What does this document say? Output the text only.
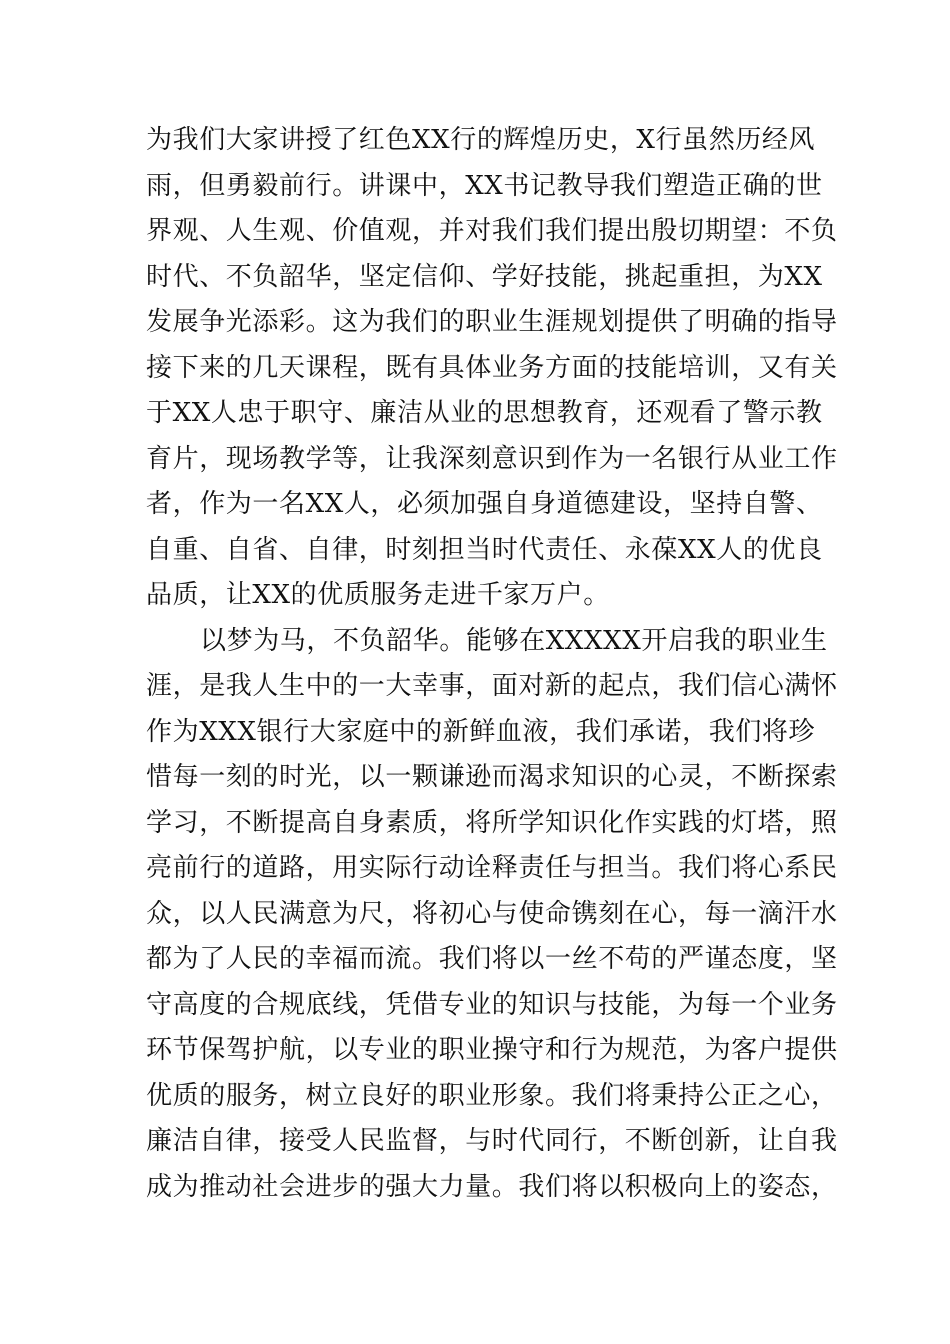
为我们大家讲授了红色XX行的辉煌历史，X行虽然历经风
雨，但勇毅前行。讲课中，XX书记教导我们塑造正确的世
界观、人生观、价值观，并对我们我们提出殷切期望：不负
时代、不负韶华，坚定信仰、学好技能，挑起重担，为XX
发展争光添彩。这为我们的职业生涯规划提供了明确的指导
接下来的几天课程，既有具体业务方面的技能培训，又有关
于XX人忠于职守、廉洁从业的思想教育，还观看了警示教
育片，现场教学等，让我深刻意识到作为一名银行从业工作
者，作为一名XX人，必须加强自身道德建设，坚持自警、
自重、自省、自律，时刻担当时代责任、永葆XX人的优良
品质，让XX的优质服务走进千家万户。
以梦为马，不负韶华。能够在XXXXX开启我的职业生
涯，是我人生中的一大幸事，面对新的起点，我们信心满怀
作为XXX银行大家庭中的新鲜血液，我们承诺，我们将珍
惜每一刻的时光，以一颗谦逊而渴求知识的心灵，不断探索
学习，不断提高自身素质，将所学知识化作实践的灯塔，照
亮前行的道路，用实际行动诠释责任与担当。我们将心系民
众，以人民满意为尺，将初心与使命镌刻在心，每一滴汗水
都为了人民的幸福而流。我们将以一丝不苟的严谨态度，坚
守高度的合规底线，凭借专业的知识与技能，为每一个业务
环节保驾护航，以专业的职业操守和行为规范，为客户提供
优质的服务，树立良好的职业形象。我们将秉持公正之心，
廉洁自律，接受人民监督，与时代同行，不断创新，让自我
成为推动社会进步的强大力量。我们将以积极向上的姿态，
